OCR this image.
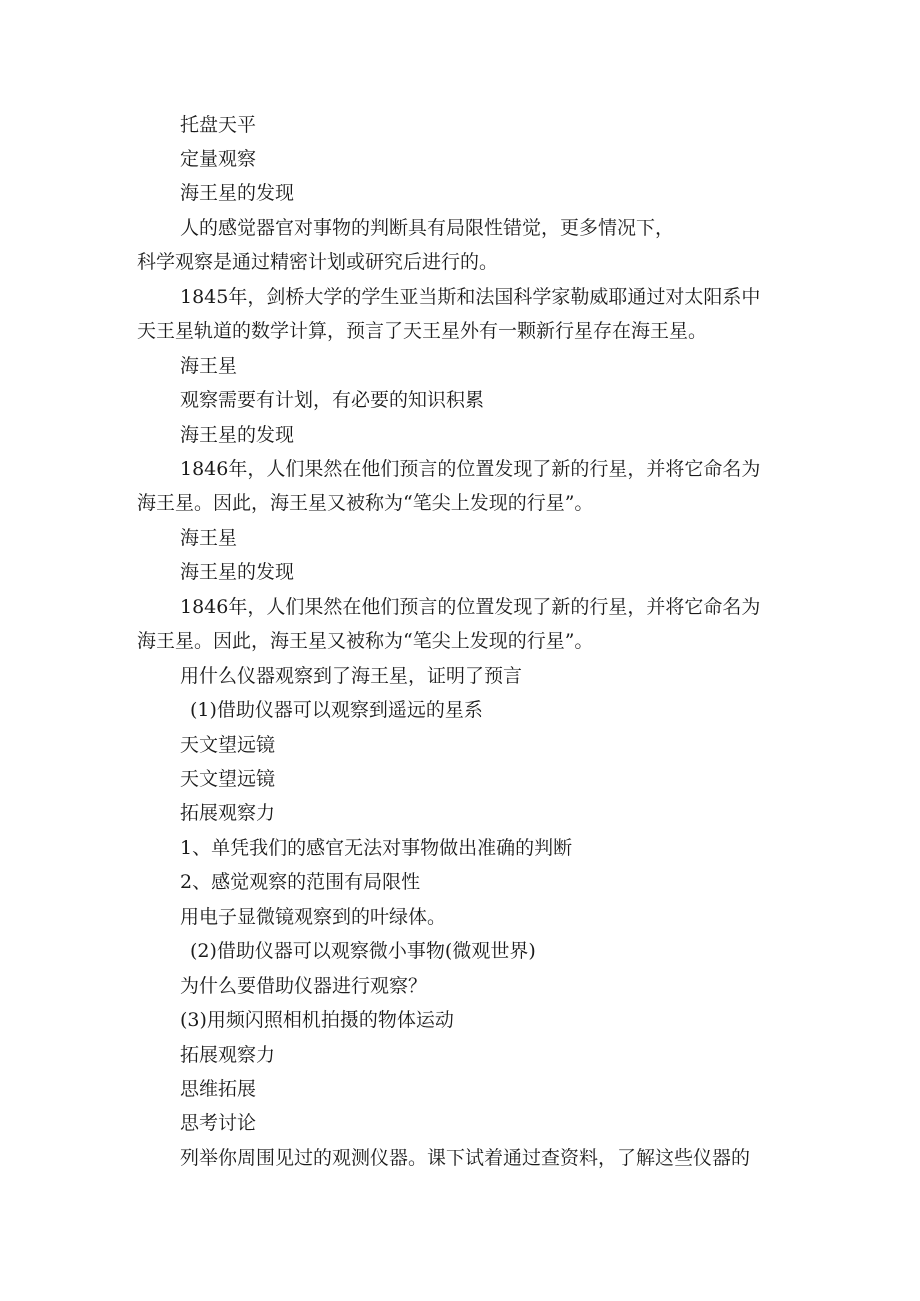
托盘天平
定量观察
海王星的发现
人的感觉器官对事物的判断具有局限性错觉，更多情况下，
科学观察是通过精密计划或研究后进行的。
1845年，剑桥大学的学生亚当斯和法国科学家勒威耶通过对太阳系中
天王星轨道的数学计算，预言了天王星外有一颗新行星存在海王星。
海王星
观察需要有计划，有必要的知识积累
海王星的发现
1846年，人们果然在他们预言的位置发现了新的行星，并将它命名为
海王星。因此，海王星又被称为“笔尖上发现的行星”。
海王星
海王星的发现
1846年，人们果然在他们预言的位置发现了新的行星，并将它命名为
海王星。因此，海王星又被称为“笔尖上发现的行星”。
用什么仪器观察到了海王星，证明了预言
(1)借助仪器可以观察到遥远的星系
天文望远镜
天文望远镜
拓展观察力
1、单凭我们的感官无法对事物做出准确的判断
2、感觉观察的范围有局限性
用电子显微镜观察到的叶绿体。
(2)借助仪器可以观察微小事物(微观世界)
为什么要借助仪器进行观察？
(3)用频闪照相机拍摄的物体运动
拓展观察力
思维拓展
思考讨论
列举你周围见过的观测仪器。课下试着通过查资料，了解这些仪器的
